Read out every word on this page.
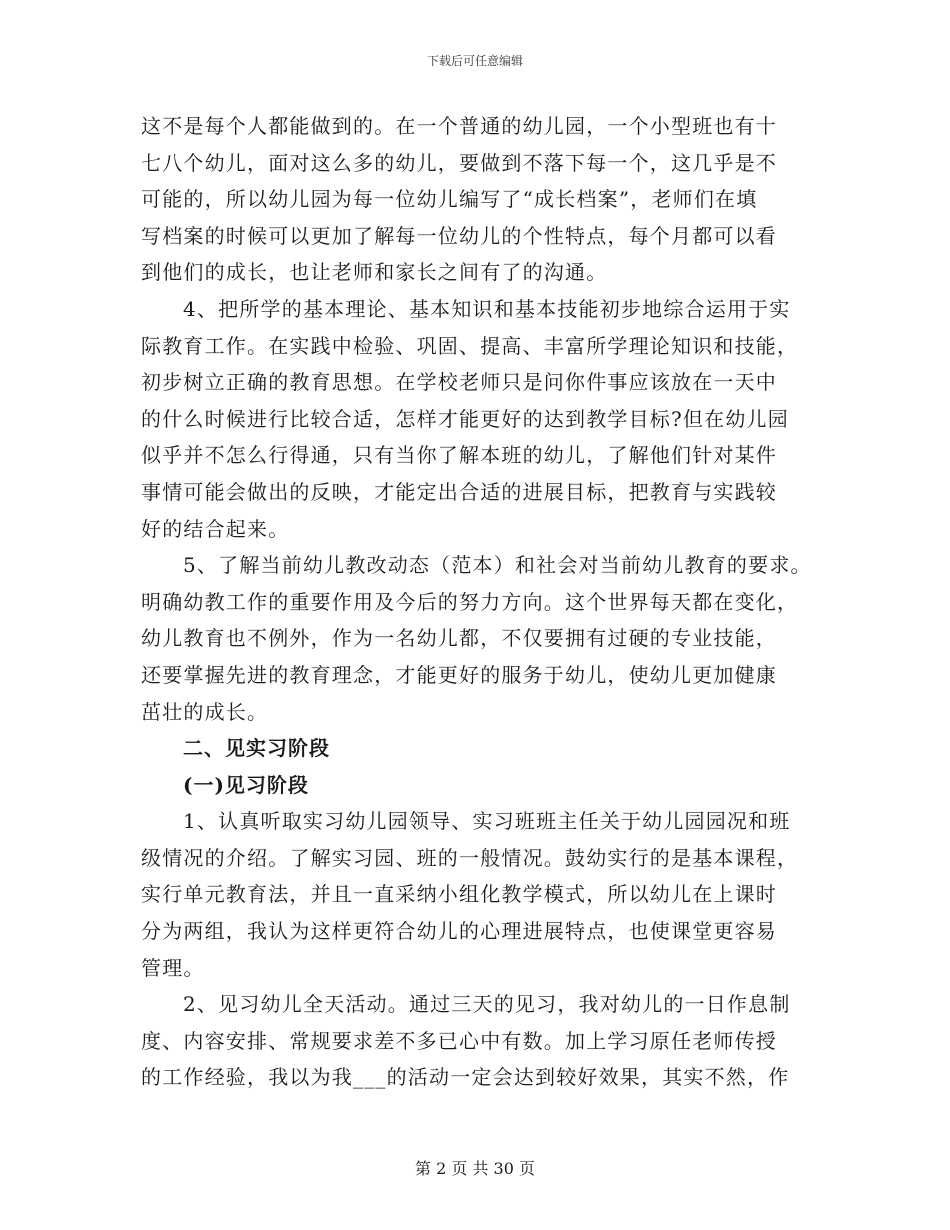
下载后可任意编辑
这不是每个人都能做到的。在一个普通的幼儿园，一个小型班也有十
七八个幼儿，面对这么多的幼儿，要做到不落下每一个，这几乎是不
可能的，所以幼儿园为每一位幼儿编写了“成长档案”，老师们在填
写档案的时候可以更加了解每一位幼儿的个性特点，每个月都可以看
到他们的成长，也让老师和家长之间有了的沟通。
4、把所学的基本理论、基本知识和基本技能初步地综合运用于实
际教育工作。在实践中检验、巩固、提高、丰富所学理论知识和技能，
初步树立正确的教育思想。在学校老师只是问你件事应该放在一天中
的什么时候进行比较合适，怎样才能更好的达到教学目标?但在幼儿园
似乎并不怎么行得通，只有当你了解本班的幼儿，了解他们针对某件
事情可能会做出的反映，才能定出合适的进展目标，把教育与实践较
好的结合起来。
5、了解当前幼儿教改动态（范本）和社会对当前幼儿教育的要求。
明确幼教工作的重要作用及今后的努力方向。这个世界每天都在变化，
幼儿教育也不例外，作为一名幼儿都，不仅要拥有过硬的专业技能，
还要掌握先进的教育理念，才能更好的服务于幼儿，使幼儿更加健康
茁壮的成长。
二、见实习阶段
(一)见习阶段
1、认真听取实习幼儿园领导、实习班班主任关于幼儿园园况和班
级情况的介绍。了解实习园、班的一般情况。鼓幼实行的是基本课程，
实行单元教育法，并且一直采纳小组化教学模式，所以幼儿在上课时
分为两组，我认为这样更符合幼儿的心理进展特点，也使课堂更容易
管理。
2、见习幼儿全天活动。通过三天的见习，我对幼儿的一日作息制
度、内容安排、常规要求差不多已心中有数。加上学习原任老师传授
的工作经验，我以为我___的活动一定会达到较好效果，其实不然，作
第 2 页 共 30 页
